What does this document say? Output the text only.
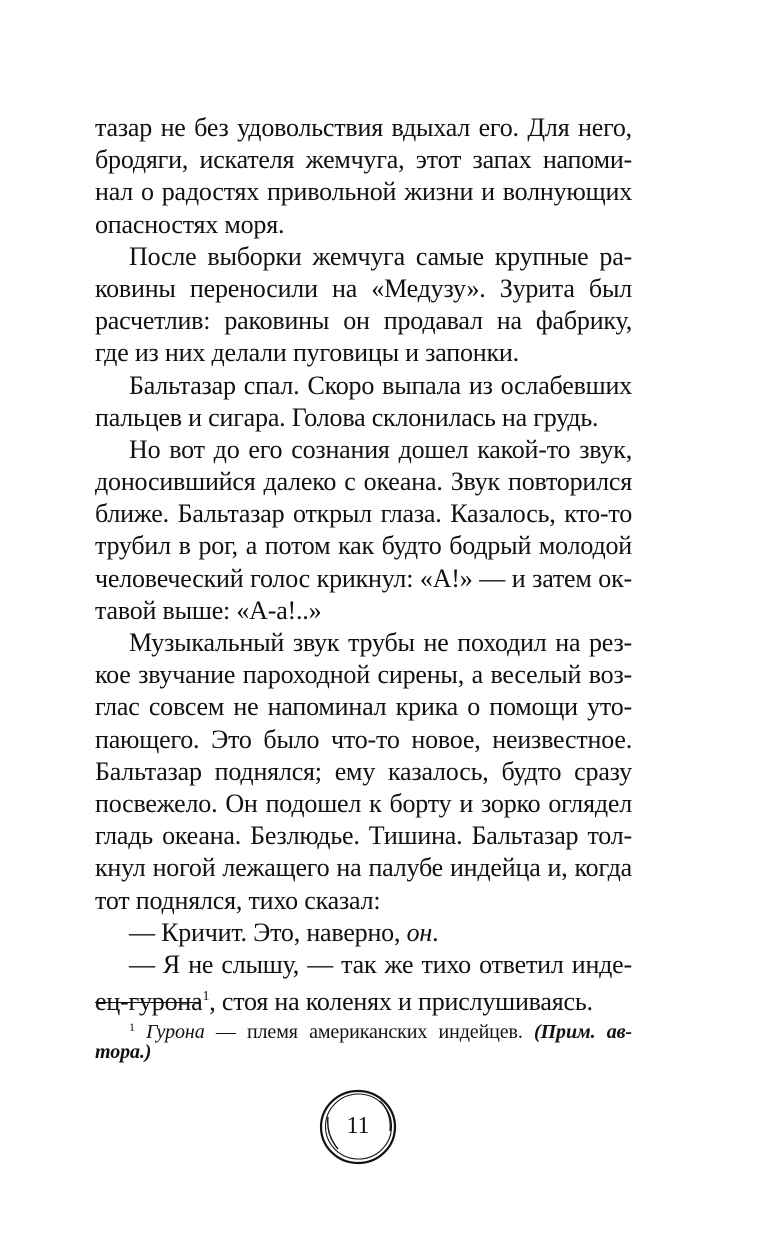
тазар не без удовольствия вдыхал его. Для него,
бродяги, искателя жемчуга, этот запах напоми-
нал о радостях привольной жизни и волнующих
опасностях моря.
После выборки жемчуга самые крупные ра-
ковины переносили на «Медузу». Зурита был
расчетлив: раковины он продавал на фабрику,
где из них делали пуговицы и запонки.
Бальтазар спал. Скоро выпала из ослабевших
пальцев и сигара. Голова склонилась на грудь.
Но вот до его сознания дошел какой-то звук,
доносившийся далеко с океана. Звук повторился
ближе. Бальтазар открыл глаза. Казалось, кто-то
трубил в рог, а потом как будто бодрый молодой
человеческий голос крикнул: «А!» — и затем ок-
тавой выше: «А-а!..»
Музыкальный звук трубы не походил на рез-
кое звучание пароходной сирены, а веселый воз-
глас совсем не напоминал крика о помощи уто-
пающего. Это было что-то новое, неизвестное.
Бальтазар поднялся; ему казалось, будто сразу
посвежело. Он подошел к борту и зорко оглядел
гладь океана. Безлюдье. Тишина. Бальтазар тол-
кнул ногой лежащего на палубе индейца и, когда
тот поднялся, тихо сказал:
— Кричит. Это, наверно, он.
— Я не слышу, — так же тихо ответил индe-
ец-гурона$^1$, стоя на коленях и прислушиваясь.
$^1$ Гурона — племя американских индейцев. (Прим. ав-
тора.)
11
